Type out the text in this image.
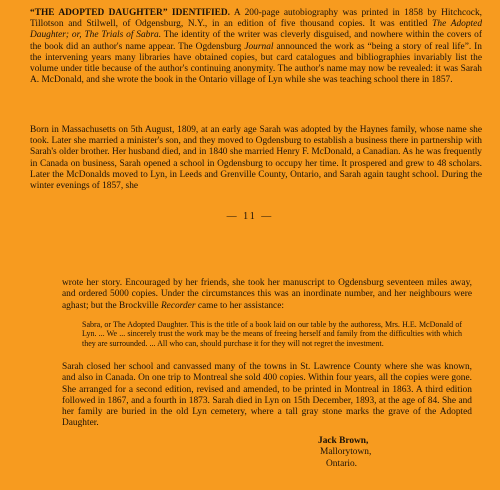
“THE ADOPTED DAUGHTER” IDENTIFIED. A 200-page autobiography was printed in 1858 by Hitchcock, Tillotson and Stilwell, of Odgensburg, N.Y., in an edition of five thousand copies. It was entitled The Adopted Daughter; or, The Trials of Sabra. The identity of the writer was cleverly disguised, and nowhere within the covers of the book did an author's name appear. The Ogdensburg Journal announced the work as “being a story of real life”. In the intervening years many libraries have obtained copies, but card catalogues and bibliographies invariably list the volume under title because of the author's continuing anonymity. The author's name may now be revealed: it was Sarah A. McDonald, and she wrote the book in the Ontario village of Lyn while she was teaching school there in 1857.
Born in Massachusetts on 5th August, 1809, at an early age Sarah was adopted by the Haynes family, whose name she took. Later she married a minister's son, and they moved to Ogdensburg to establish a business there in partnership with Sarah's older brother. Her husband died, and in 1840 she married Henry F. McDonald, a Canadian. As he was frequently in Canada on business, Sarah opened a school in Ogdensburg to occupy her time. It prospered and grew to 48 scholars. Later the McDonalds moved to Lyn, in Leeds and Grenville County, Ontario, and Sarah again taught school. During the winter evenings of 1857, she
— 11 —
wrote her story. Encouraged by her friends, she took her manuscript to Ogdensburg seventeen miles away, and ordered 5000 copies. Under the circumstances this was an inordinate number, and her neighbours were aghast; but the Brockville Recorder came to her assistance:
Sabra, or The Adopted Daughter. This is the title of a book laid on our table by the authoress, Mrs. H.E. McDonald of Lyn. ... We ... sincerely trust the work may be the means of freeing herself and family from the difficulties with which they are surrounded. ... All who can, should purchase it for they will not regret the investment.
Sarah closed her school and canvassed many of the towns in St. Lawrence County where she was known, and also in Canada. On one trip to Montreal she sold 400 copies. Within four years, all the copies were gone. She arranged for a second edition, revised and amended, to be printed in Montreal in 1863. A third edition followed in 1867, and a fourth in 1873. Sarah died in Lyn on 15th December, 1893, at the age of 84. She and her family are buried in the old Lyn cemetery, where a tall gray stone marks the grave of the Adopted Daughter.
Jack Brown,
Mallorytown,
Ontario.
